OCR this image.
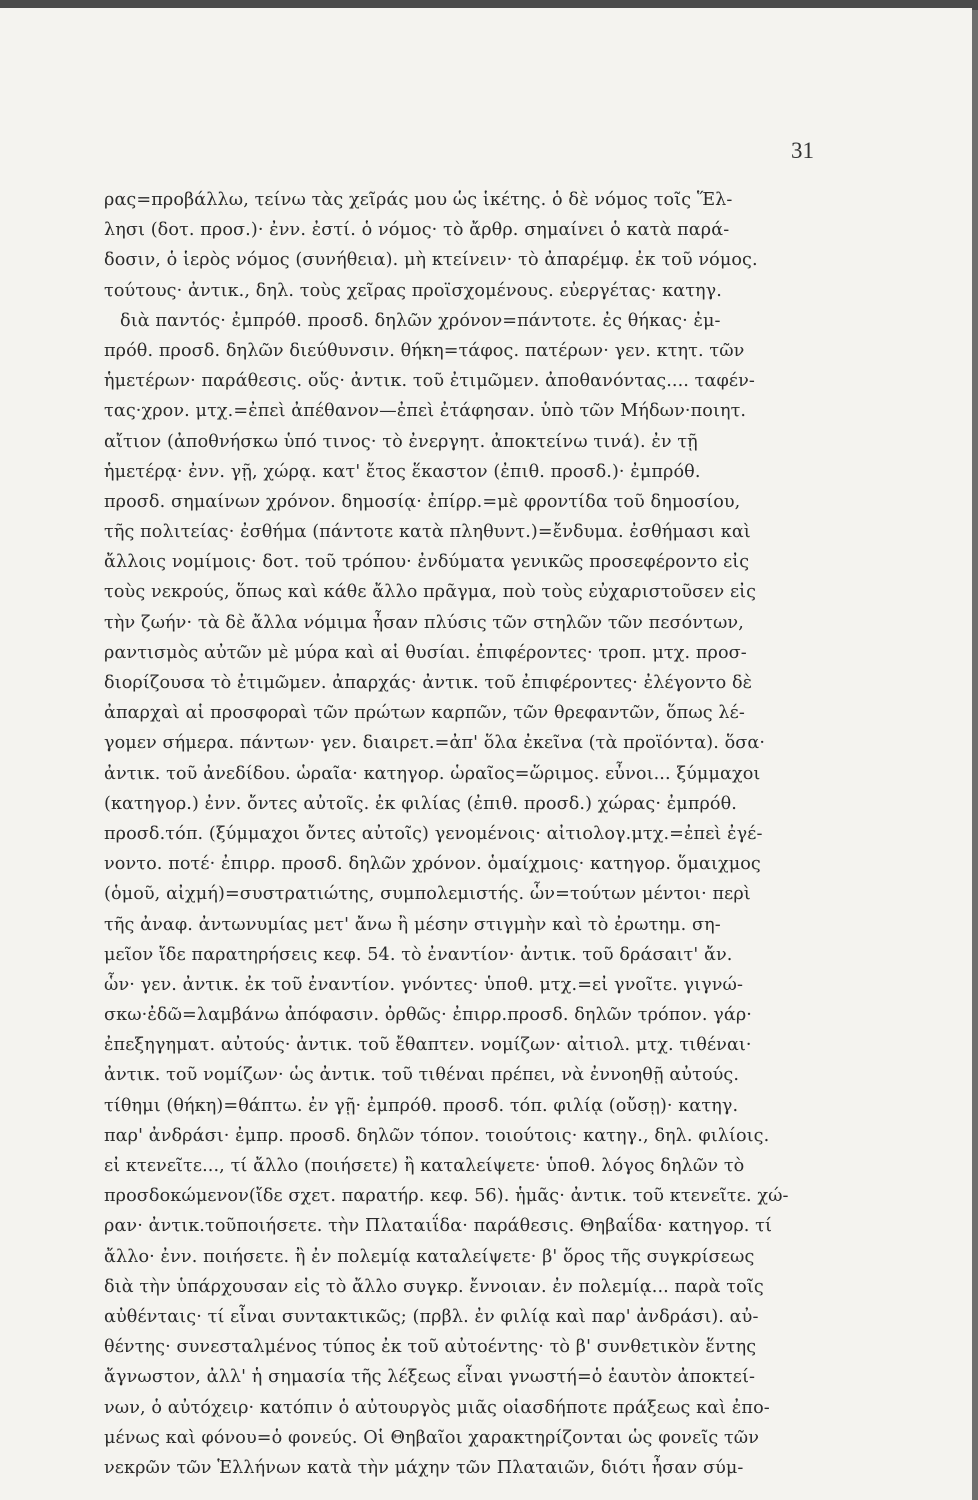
31
ρας=προβάλλω, τείνω τὰς χεῖράς μου ὡς ἱκέτης. ὁ δὲ νόμος τοῖς Ἕλ-
λησι (δοτ. προσ.)· ἐνν. ἐστί. ὁ νόμος· τὸ ἄρθρ. σημαίνει ὁ κατὰ παρά-
δοσιν, ὁ ἱερὸς νόμος (συνήθεια). μὴ κτείνειν· τὸ ἀπαρέμφ. ἐκ τοῦ νόμος.
τούτους· ἀντικ., δηλ. τοὺς χεῖρας προϊσχομένους. εὐεργέτας· κατηγ.
διὰ παντός· ἐμπρόθ. προσδ. δηλῶν χρόνον=πάντοτε. ἐς θήκας· ἐμ-
πρόθ. προσδ. δηλῶν διεύθυνσιν. θήκη=τάφος. πατέρων· γεν. κτητ. τῶν
ἡμετέρων· παράθεσις. οὕς· ἀντικ. τοῦ ἐτιμῶμεν. ἀποθανόντας.... ταφέν-
τας·χρον. μτχ.=ἐπεὶ ἀπέθανον—ἐπεὶ ἐτάφησαν. ὑπὸ τῶν Μήδων·ποιητ.
αἴτιον (ἀποθνήσκω ὑπό τινος· τὸ ἐνεργητ. ἀποκτείνω τινά). ἐν τῇ
ἡμετέρᾳ· ἐνν. γῇ, χώρᾳ. κατ' ἔτος ἕκαστον (ἐπιθ. προσδ.)· ἐμπρόθ.
προσδ. σημαίνων χρόνον. δημοσίᾳ· ἐπίρρ.=μὲ φροντίδα τοῦ δημοσίου,
τῆς πολιτείας· ἐσθήμα (πάντοτε κατὰ πληθυντ.)=ἔνδυμα. ἐσθήμασι καὶ
ἄλλοις νομίμοις· δοτ. τοῦ τρόπου· ἐνδύματα γενικῶς προσεφέροντο εἰς
τοὺς νεκρούς, ὅπως καὶ κάθε ἄλλο πρᾶγμα, ποὺ τοὺς εὐχαριστοῦσεν εἰς
τὴν ζωήν· τὰ δὲ ἄλλα νόμιμα ἦσαν πλύσις τῶν στηλῶν τῶν πεσόντων,
ραντισμὸς αὐτῶν μὲ μύρα καὶ αἱ θυσίαι. ἐπιφέροντες· τροπ. μτχ. προσ-
διορίζουσα τὸ ἐτιμῶμεν. ἀπαρχάς· ἀντικ. τοῦ ἐπιφέροντες· ἐλέγοντο δὲ
ἀπαρχαὶ αἱ προσφοραὶ τῶν πρώτων καρπῶν, τῶν θρεφαντῶν, ὅπως λέ-
γομεν σήμερα. πάντων· γεν. διαιρετ.=ἀπ' ὅλα ἐκεῖνα (τὰ προϊόντα). ὅσα·
ἀντικ. τοῦ ἀνεδίδου. ὡραῖα· κατηγορ. ὡραῖος=ὥριμος. εὖνοι... ξύμμαχοι
(κατηγορ.) ἐνν. ὄντες αὐτοῖς. ἐκ φιλίας (ἐπιθ. προσδ.) χώρας· ἐμπρόθ.
προσδ.τόπ. (ξύμμαχοι ὄντες αὐτοῖς) γενομένοις· αἰτιολογ.μτχ.=ἐπεὶ ἐγέ-
νοντο. ποτέ· ἐπιρρ. προσδ. δηλῶν χρόνον. ὁμαίχμοις· κατηγορ. ὅμαιχμος
(ὁμοῦ, αἰχμή)=συστρατιώτης, συμπολεμιστής. ὧν=τούτων μέντοι· περὶ
τῆς ἀναφ. ἀντωνυμίας μετ' ἄνω ἢ μέσην στιγμὴν καὶ τὸ ἐρωτημ. ση-
μεῖον ἴδε παρατηρήσεις κεφ. 54. τὸ ἐναντίον· ἀντικ. τοῦ δράσαιτ' ἄν.
ὧν· γεν. ἀντικ. ἐκ τοῦ ἐναντίον. γνόντες· ὑποθ. μτχ.=εἰ γνοῖτε. γιγνώ-
σκω·ἐδῶ=λαμβάνω ἀπόφασιν. ὀρθῶς· ἐπιρρ.προσδ. δηλῶν τρόπον. γάρ·
ἐπεξηγηματ. αὐτούς· ἀντικ. τοῦ ἔθαπτεν. νομίζων· αἰτιολ. μτχ. τιθέναι·
ἀντικ. τοῦ νομίζων· ὡς ἀντικ. τοῦ τιθέναι πρέπει, νὰ ἐννοηθῇ αὐτούς.
τίθημι (θήκη)=θάπτω. ἐν γῇ· ἐμπρόθ. προσδ. τόπ. φιλίᾳ (οὔσῃ)· κατηγ.
παρ' ἀνδράσι· ἐμπρ. προσδ. δηλῶν τόπον. τοιούτοις· κατηγ., δηλ. φιλίοις.
εἰ κτενεῖτε..., τί ἄλλο (ποιήσετε) ἢ καταλείψετε· ὑποθ. λόγος δηλῶν τὸ
προσδοκώμενον(ἴδε σχετ. παρατήρ. κεφ. 56). ἡμᾶς· ἀντικ. τοῦ κτενεῖτε. χώ-
ραν· ἀντικ.τοῦποιήσετε. τὴν Πλαταιΐδα· παράθεσις. Θηβαΐδα· κατηγορ. τί
ἄλλο· ἐνν. ποιήσετε. ἢ ἐν πολεμίᾳ καταλείψετε· β' ὅρος τῆς συγκρίσεως
διὰ τὴν ὑπάρχουσαν εἰς τὸ ἄλλο συγκρ. ἔννοιαν. ἐν πολεμίᾳ... παρὰ τοῖς
αὐθένταις· τί εἶναι συντακτικῶς; (πρβλ. ἐν φιλίᾳ καὶ παρ' ἀνδράσι). αὐ-
θέντης· συνεσταλμένος τύπος ἐκ τοῦ αὐτοέντης· τὸ β' συνθετικὸν ἕντης
ἄγνωστον, ἀλλ' ἡ σημασία τῆς λέξεως εἶναι γνωστή=ὁ ἑαυτὸν ἀποκτεί-
νων, ὁ αὐτόχειρ· κατόπιν ὁ αὐτουργὸς μιᾶς οἱασδήποτε πράξεως καὶ ἐπο-
μένως καὶ φόνου=ὁ φονεύς. Οἱ Θηβαῖοι χαρακτηρίζονται ὡς φονεῖς τῶν
νεκρῶν τῶν Ἑλλήνων κατὰ τὴν μάχην τῶν Πλαταιῶν, διότι ἦσαν σύμ-
